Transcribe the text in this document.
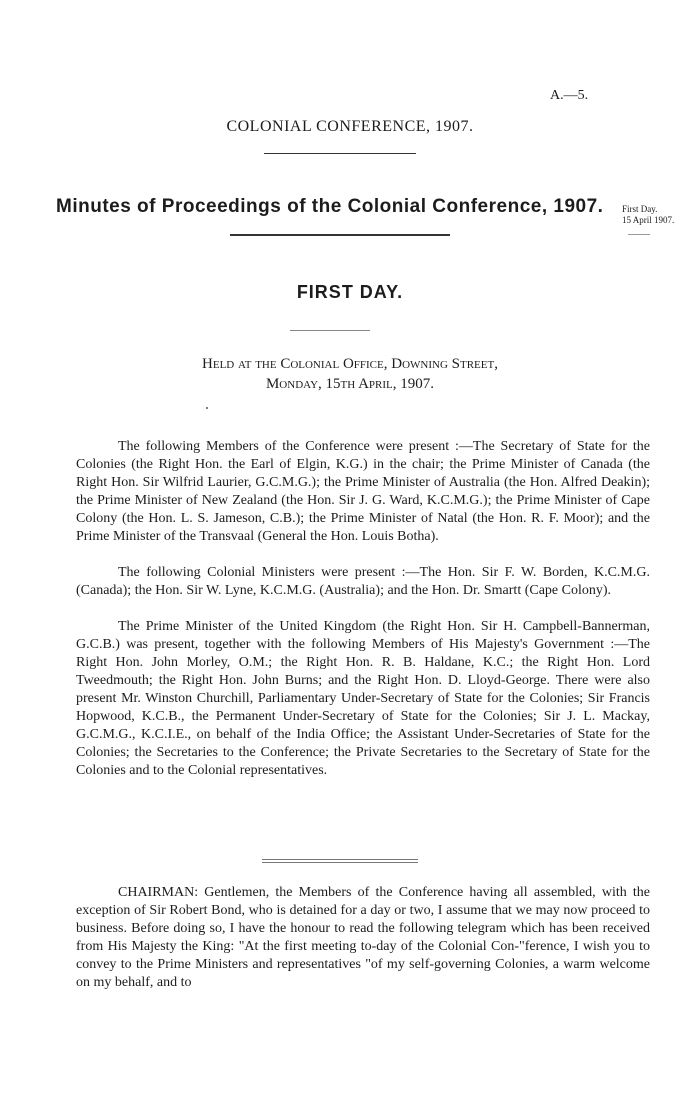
A.—5.
COLONIAL CONFERENCE, 1907.
Minutes of Proceedings of the Colonial Conference, 1907. First Day.
15 April 1907.
FIRST DAY.
Held at the Colonial Office, Downing Street,
Monday, 15th April, 1907.

The following Members of the Conference were present :—The Secretary of State for the Colonies (the Right Hon. the Earl of Elgin, K.G.) in the chair; the Prime Minister of Canada (the Right Hon. Sir Wilfrid Laurier, G.C.M.G.); the Prime Minister of Australia (the Hon. Alfred Deakin); the Prime Minister of New Zealand (the Hon. Sir J. G. Ward, K.C.M.G.); the Prime Minister of Cape Colony (the Hon. L. S. Jameson, C.B.); the Prime Minister of Natal (the Hon. R. F. Moor); and the Prime Minister of the Transvaal (General the Hon. Louis Botha).

The following Colonial Ministers were present :—The Hon. Sir F. W. Borden, K.C.M.G. (Canada); the Hon. Sir W. Lyne, K.C.M.G. (Australia); and the Hon. Dr. Smartt (Cape Colony).

The Prime Minister of the United Kingdom (the Right Hon. Sir H. Campbell-Bannerman, G.C.B.) was present, together with the following Members of His Majesty's Government :—The Right Hon. John Morley, O.M.; the Right Hon. R. B. Haldane, K.C.; the Right Hon. Lord Tweedmouth; the Right Hon. John Burns; and the Right Hon. D. Lloyd-George. There were also present Mr. Winston Churchill, Parliamentary Under-Secretary of State for the Colonies; Sir Francis Hopwood, K.C.B., the Permanent Under-Secretary of State for the Colonies; Sir J. L. Mackay, G.C.M.G., K.C.I.E., on behalf of the India Office; the Assistant Under-Secretaries of State for the Colonies; the Secretaries to the Conference; the Private Secretaries to the Secretary of State for the Colonies and to the Colonial representatives.

CHAIRMAN: Gentlemen, the Members of the Conference having all assembled, with the exception of Sir Robert Bond, who is detained for a day or two, I assume that we may now proceed to business. Before doing so, I have the honour to read the following telegram which has been received from His Majesty the King: "At the first meeting to-day of the Colonial Con-"ference, I wish you to convey to the Prime Ministers and representatives "of my self-governing Colonies, a warm welcome on my behalf, and to
